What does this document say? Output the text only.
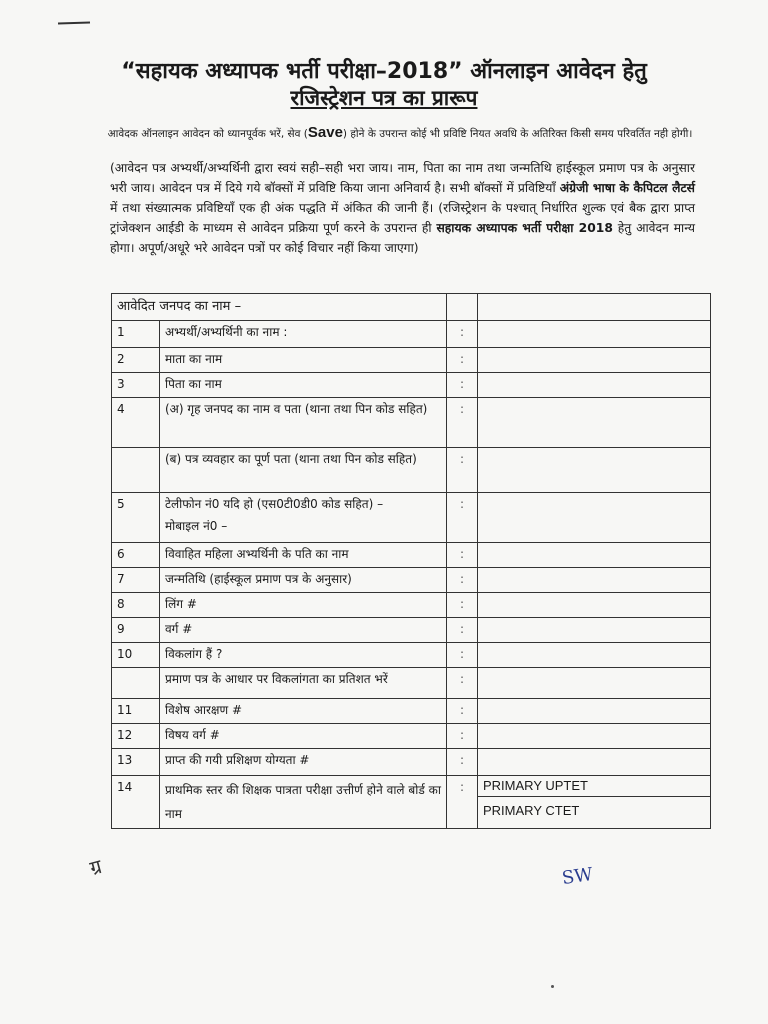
“सहायक अध्यापक भर्ती परीक्षा–2018” ऑनलाइन आवेदन हेतु
रजिस्ट्रेशन पत्र का प्रारूप
आवेदक ऑनलाइन आवेदन को ध्यानपूर्वक भरें, सेव (Save) होने के उपरान्त कोई भी प्रविष्टि नियत अवधि के अतिरिक्त किसी समय परिवर्तित नही होगी।
(आवेदन पत्र अभ्यर्थी/अभ्यर्थिनी द्वारा स्वयं सही–सही भरा जाय। नाम, पिता का नाम तथा जन्मतिथि हाईस्कूल प्रमाण पत्र के अनुसार भरी जाय। आवेदन पत्र में दिये गये बॉक्सों में प्रविष्टि किया जाना अनिवार्य है। सभी बॉक्सों में प्रविष्टियाँ अंग्रेजी भाषा के कैपिटल लैटर्स में तथा संख्यात्मक प्रविष्टियाँ एक ही अंक पद्धति में अंकित की जानी हैं। (रजिस्ट्रेशन के पश्चात् निर्धारित शुल्क एवं बैक द्वारा प्राप्त ट्रांजेक्शन आईडी के माध्यम से आवेदन प्रक्रिया पूर्ण करने के उपरान्त ही सहायक अध्यापक भर्ती परीक्षा 2018 हेतु आवेदन मान्य होगा। अपूर्ण/अधूरे भरे आवेदन पत्रों पर कोई विचार नहीं किया जाएगा)
आवेदित जनपद का नाम –			
1	अभ्यर्थी/अभ्यर्थिनी का नाम :	:	
2	माता का नाम	:	
3	पिता का नाम	:	
4	(अ) गृह जनपद का नाम व पता (थाना तथा पिन कोड सहित)	:	
	(ब) पत्र व्यवहार का पूर्ण पता (थाना तथा पिन कोड सहित)	:	
5	टेलीफोन नं0 यदि हो (एस0टी0डी0 कोड सहित) –
मोबाइल नं0 –	:	
6	विवाहित महिला अभ्यर्थिनी के पति का नाम	:	
7	जन्मतिथि (हाईस्कूल प्रमाण पत्र के अनुसार)	:	
8	लिंग #	:	
9	वर्ग #	:	
10	विकलांग हैं ?	:	
	प्रमाण पत्र के आधार पर विकलांगता का प्रतिशत भरें	:	
11	विशेष आरक्षण #	:	
12	विषय वर्ग #	:	
13	प्राप्त की गयी प्रशिक्षण योग्यता #	:	
14	प्राथमिक स्तर की शिक्षक पात्रता परीक्षा उत्तीर्ण होने वाले बोर्ड का नाम	:	PRIMARY UPTET
PRIMARY CTET
ग्र	SW
